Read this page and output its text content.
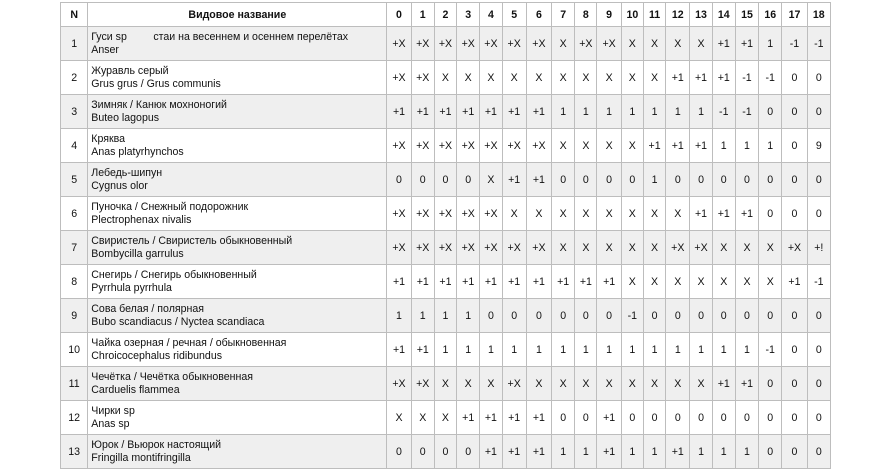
N	Видовое название	0	1	2	3	4	5	6	7	8	9	10	11	12	13	14	15	16	17	18
1	Гуси sp         стаи на весеннем и осеннем перелётах
Anser	+X	+X	+X	+X	+X	+X	+X	X	+X	+X	X	X	X	X	+1	+1	1	-1	-1
2	Журавль серый
Grus grus / Grus communis	+X	+X	X	X	X	X	X	X	X	X	X	X	+1	+1	+1	-1	-1	0	0
3	Зимняк / Канюк мохноногий
Buteo lagopus	+1	+1	+1	+1	+1	+1	+1	1	1	1	1	1	1	1	-1	-1	0	0	0
4	Кряква
Anas platyrhynchos	+X	+X	+X	+X	+X	+X	+X	X	X	X	X	+1	+1	+1	1	1	1	0	9
5	Лебедь-шипун
Cygnus olor	0	0	0	0	X	+1	+1	0	0	0	0	1	0	0	0	0	0	0	0
6	Пуночка / Снежный подорожник
Plectrophenax nivalis	+X	+X	+X	+X	+X	X	X	X	X	X	X	X	X	+1	+1	+1	0	0	0
7	Свиристель / Свиристель обыкновенный
Bombycilla garrulus	+X	+X	+X	+X	+X	+X	+X	X	X	X	X	X	+X	+X	X	X	X	+X	+!
8	Снегирь / Снегирь обыкновенный
Pyrrhula pyrrhula	+1	+1	+1	+1	+1	+1	+1	+1	+1	+1	X	X	X	X	X	X	X	+1	-1
9	Сова белая / полярная
Bubo scandiacus / Nyctea scandiaca	1	1	1	1	0	0	0	0	0	0	-1	0	0	0	0	0	0	0	0
10	Чайка озерная / речная / обыкновенная
Chroicocephalus ridibundus	+1	+1	1	1	1	1	1	1	1	1	1	1	1	1	1	1	-1	0	0
11	Чечётка / Чечётка обыкновенная
Carduelis flammea	+X	+X	X	X	X	+X	X	X	X	X	X	X	X	X	+1	+1	0	0	0
12	Чирки sp
Anas sp	X	X	X	+1	+1	+1	+1	0	0	+1	0	0	0	0	0	0	0	0	0
13	Юрок / Вьюрок настоящий
Fringilla montifringilla	0	0	0	0	+1	+1	+1	1	1	+1	1	1	+1	1	1	1	0	0	0
